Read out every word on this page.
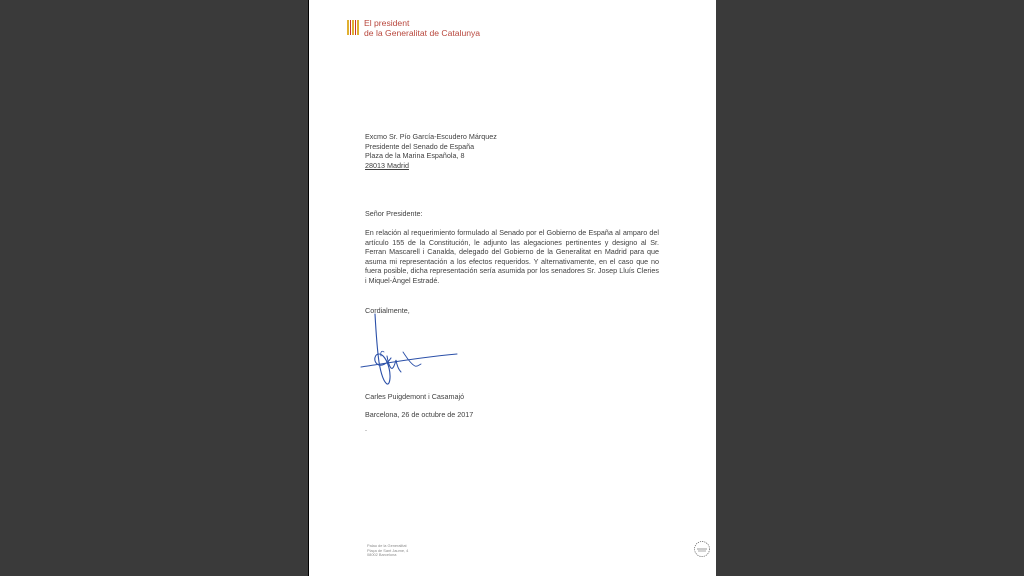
El president
de la Generalitat de Catalunya
Excmo Sr. Pío García-Escudero Márquez
Presidente del Senado de España
Plaza de la Marina Española, 8
28013 Madrid
Señor Presidente:
En relación al requerimiento formulado al Senado por el Gobierno de España al amparo del artículo 155 de la Constitución, le adjunto las alegaciones pertinentes y designo al Sr. Ferran Mascarell i Canalda, delegado del Gobierno de la Generalitat en Madrid para que asuma mi representación a los efectos requeridos. Y alternativamente, en el caso que no fuera posible, dicha representación sería asumida por los senadores Sr. Josep Lluís Cleries i Miquel-Àngel Estradé.
Cordialmente,
Carles Puigdemont i Casamajó
Barcelona, 26 de octubre de 2017
.
Palau de la Generalitat
Plaça de Sant Jaume, 4
08002 Barcelona
